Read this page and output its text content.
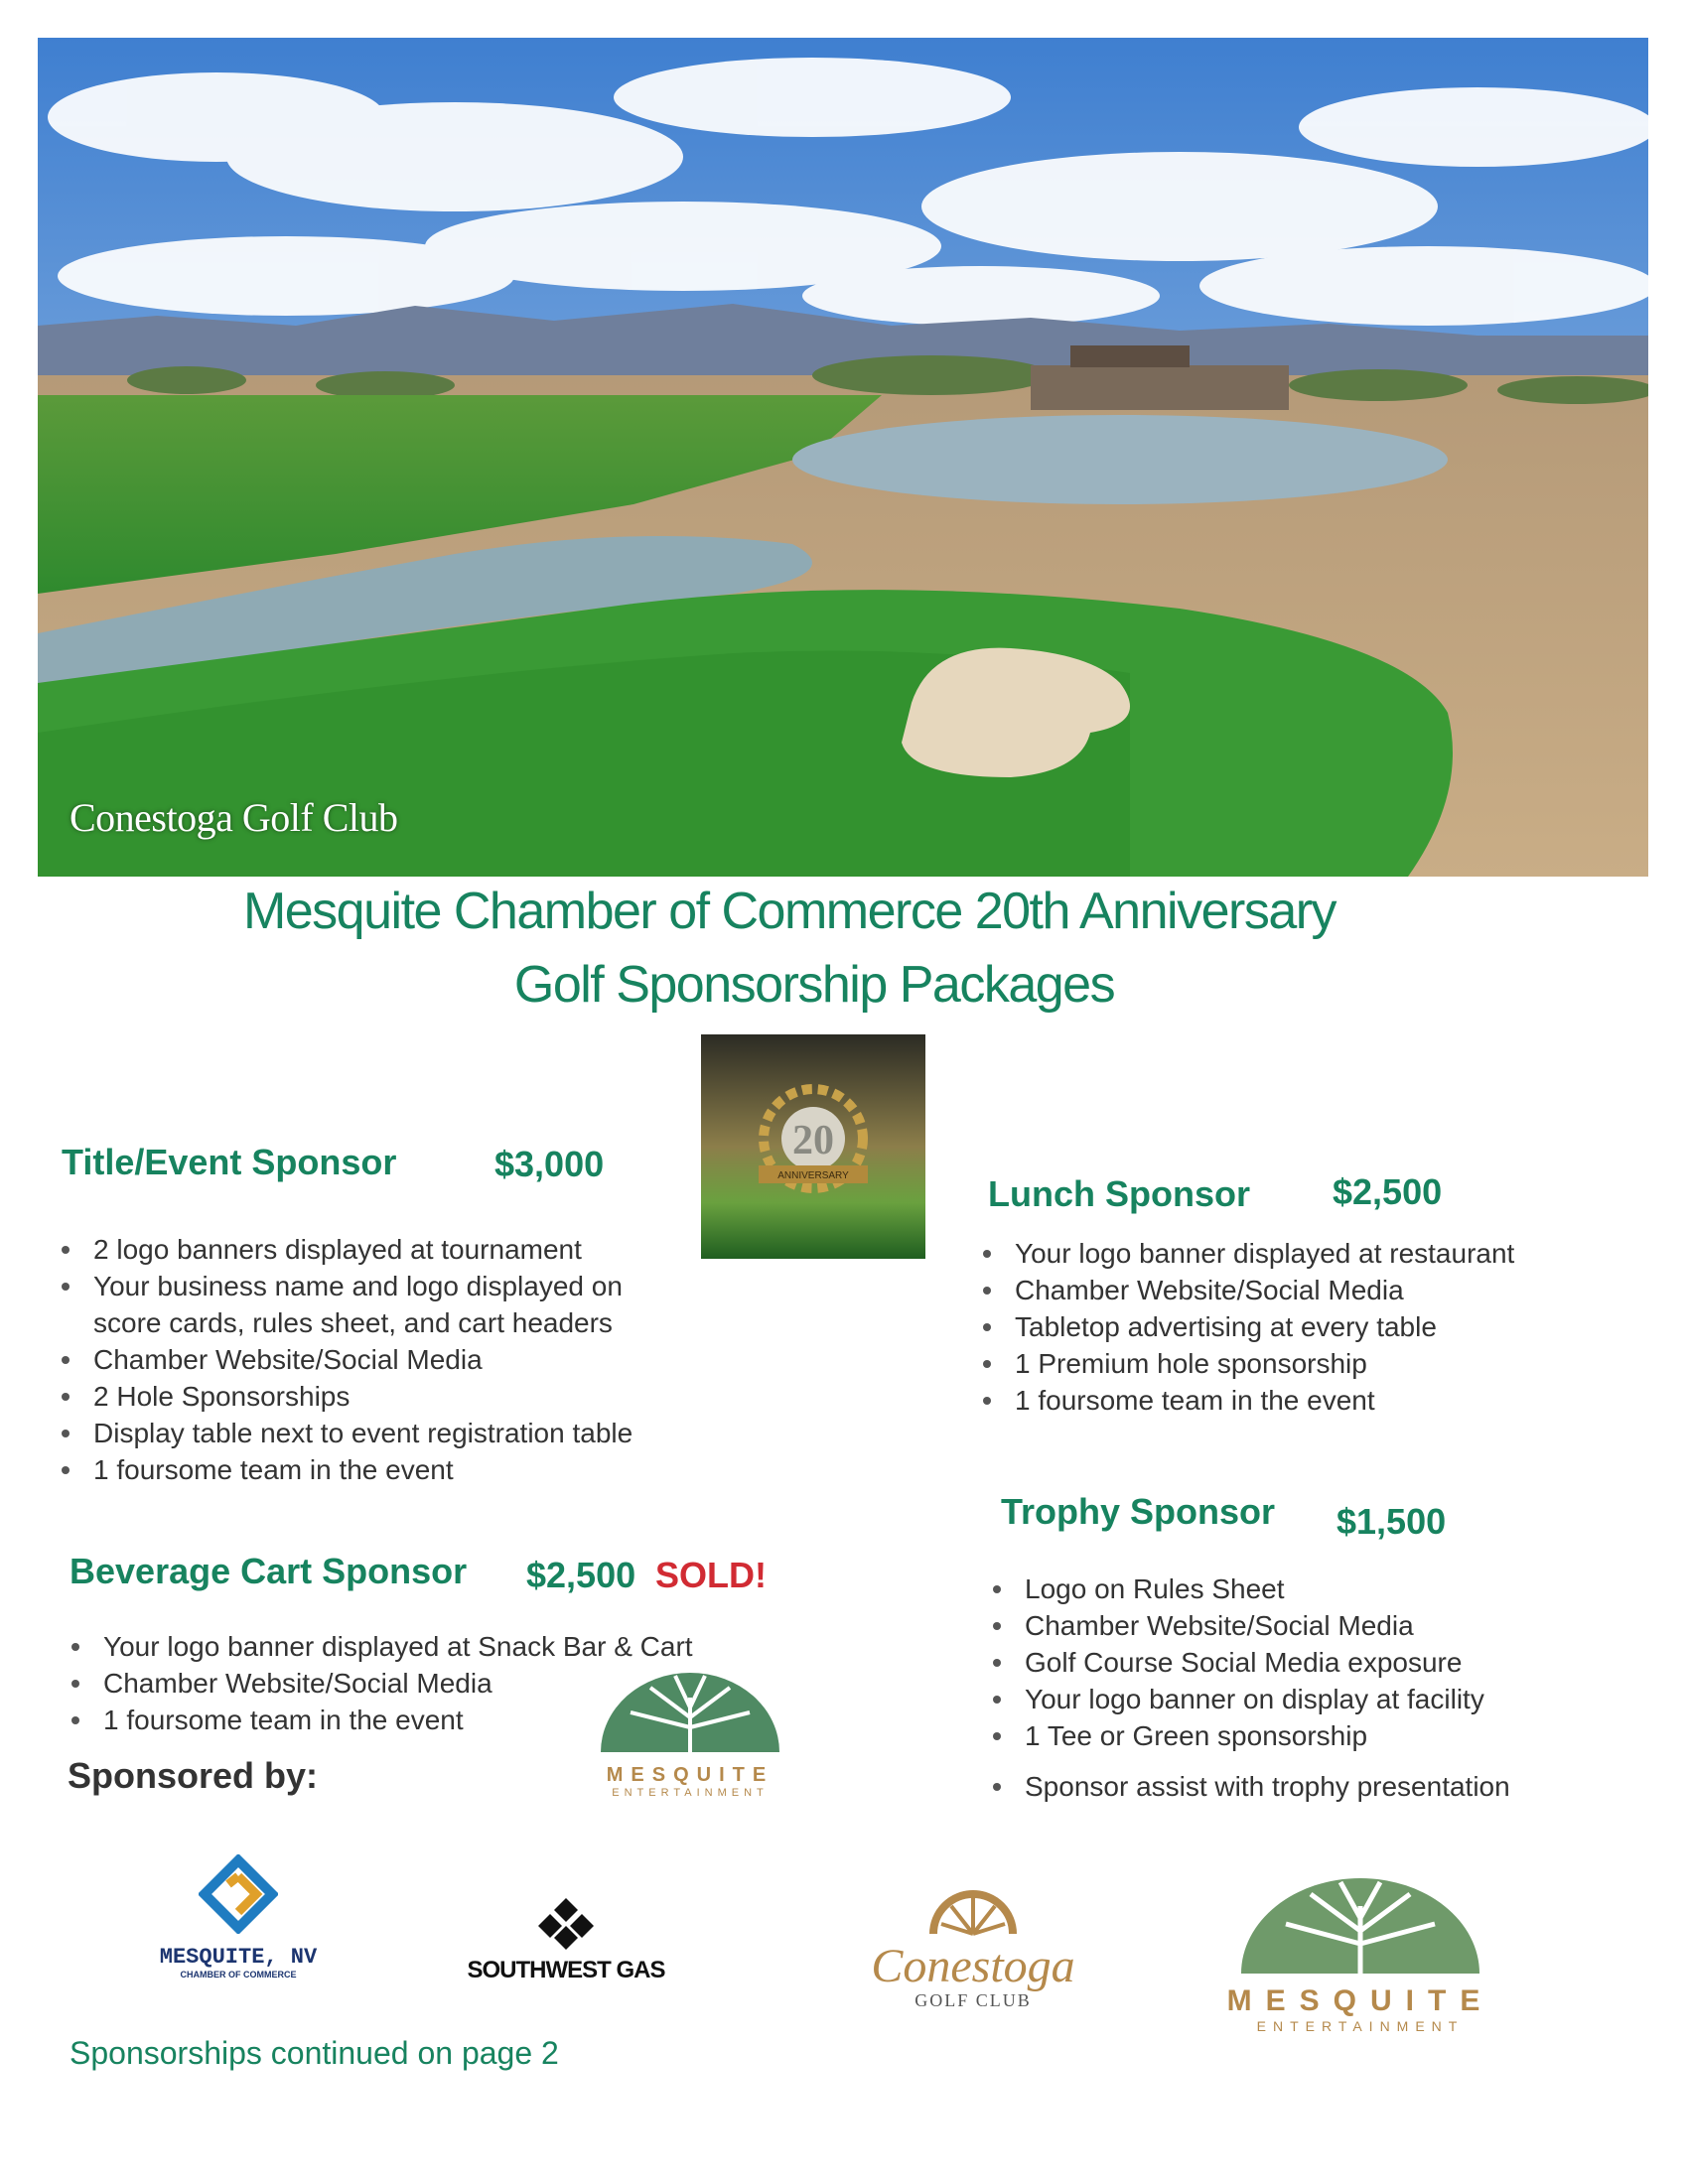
Conestoga Golf Club
Mesquite Chamber of Commerce 20th Anniversary
Golf Sponsorship Packages
20
ANNIVERSARY
Title/Event Sponsor	$3,000
2 logo banners displayed at tournament
Your business name and logo displayed on score cards, rules sheet, and cart headers
Chamber Website/Social Media
2 Hole Sponsorships
Display table next to event registration table
1 foursome team in the event
Beverage Cart Sponsor $2,500 SOLD!
Your logo banner displayed at Snack Bar & Cart
Chamber Website/Social Media
1 foursome team in the event
Lunch Sponsor $2,500
Your logo banner displayed at restaurant
Chamber Website/Social Media
Tabletop advertising at every table
1 Premium hole sponsorship
1 foursome team in the event
Trophy Sponsor $1,500
Logo on Rules Sheet
Chamber Website/Social Media
Golf Course Social Media exposure
Your logo banner on display at facility
1 Tee or Green sponsorship
Sponsor assist with trophy presentation
MESQUITE
ENTERTAINMENT
Sponsored by:
MESQUITE, NV
CHAMBER OF COMMERCE	SOUTHWEST GAS	Conestoga
GOLF CLUB	MESQUITE
ENTERTAINMENT
Sponsorships continued on page 2
